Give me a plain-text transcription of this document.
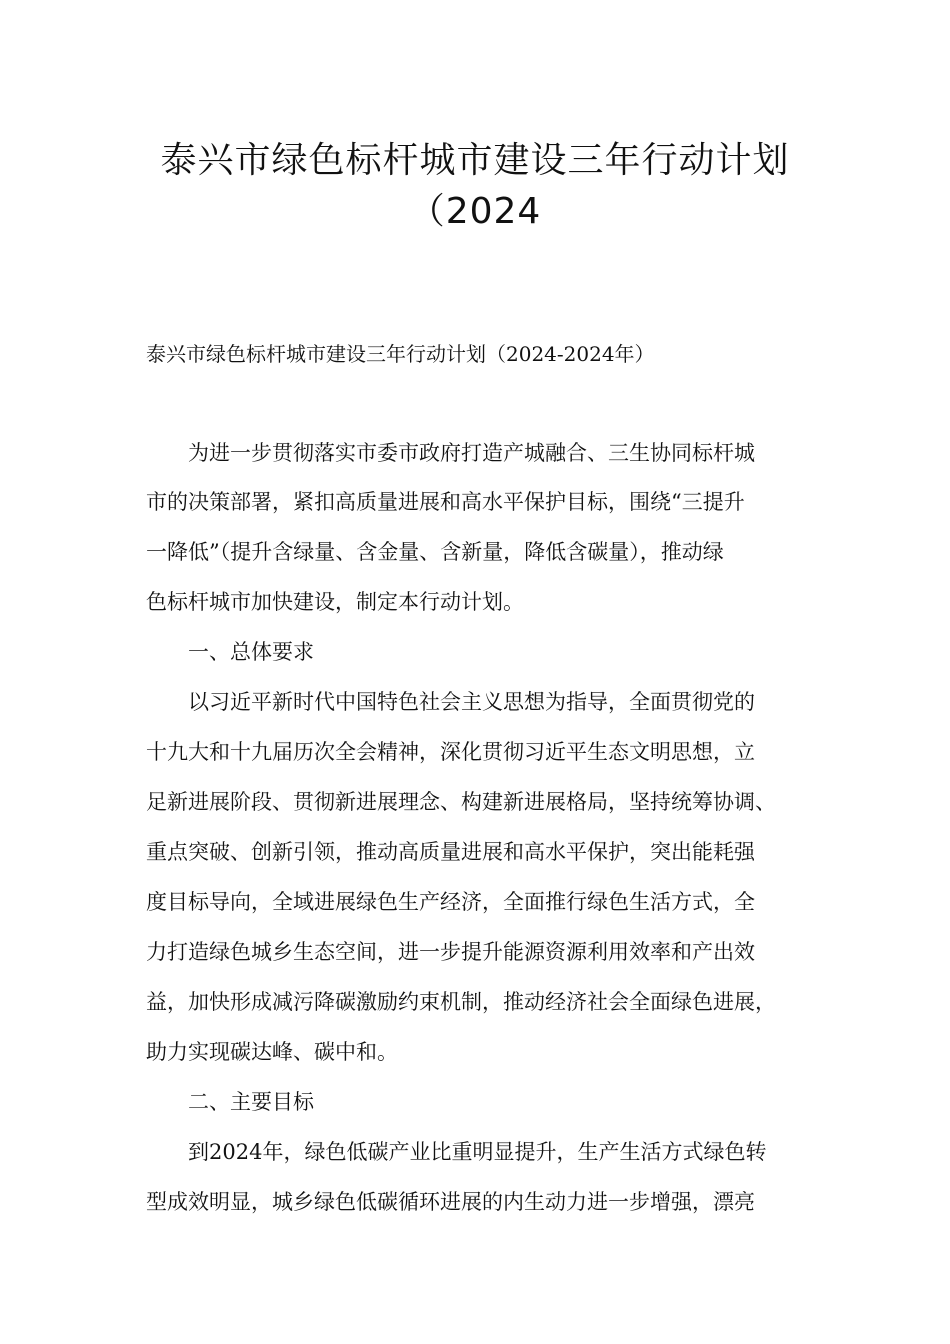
泰兴市绿色标杆城市建设三年行动计划
（2024
泰兴市绿色标杆城市建设三年行动计划（2024-2024年）
　　为进一步贯彻落实市委市政府打造产城融合、三生协同标杆城
市的决策部署，紧扣高质量进展和高水平保护目标，围绕“三提升
一降低”（提升含绿量、含金量、含新量，降低含碳量），推动绿
色标杆城市加快建设，制定本行动计划。
　　一、总体要求
　　以习近平新时代中国特色社会主义思想为指导，全面贯彻党的
十九大和十九届历次全会精神，深化贯彻习近平生态文明思想，立
足新进展阶段、贯彻新进展理念、构建新进展格局，坚持统筹协调、
重点突破、创新引领，推动高质量进展和高水平保护，突出能耗强
度目标导向，全域进展绿色生产经济，全面推行绿色生活方式，全
力打造绿色城乡生态空间，进一步提升能源资源利用效率和产出效
益，加快形成减污降碳激励约束机制，推动经济社会全面绿色进展，
助力实现碳达峰、碳中和。
　　二、主要目标
　　到2024年，绿色低碳产业比重明显提升，生产生活方式绿色转
型成效明显，城乡绿色低碳循环进展的内生动力进一步增强，漂亮
